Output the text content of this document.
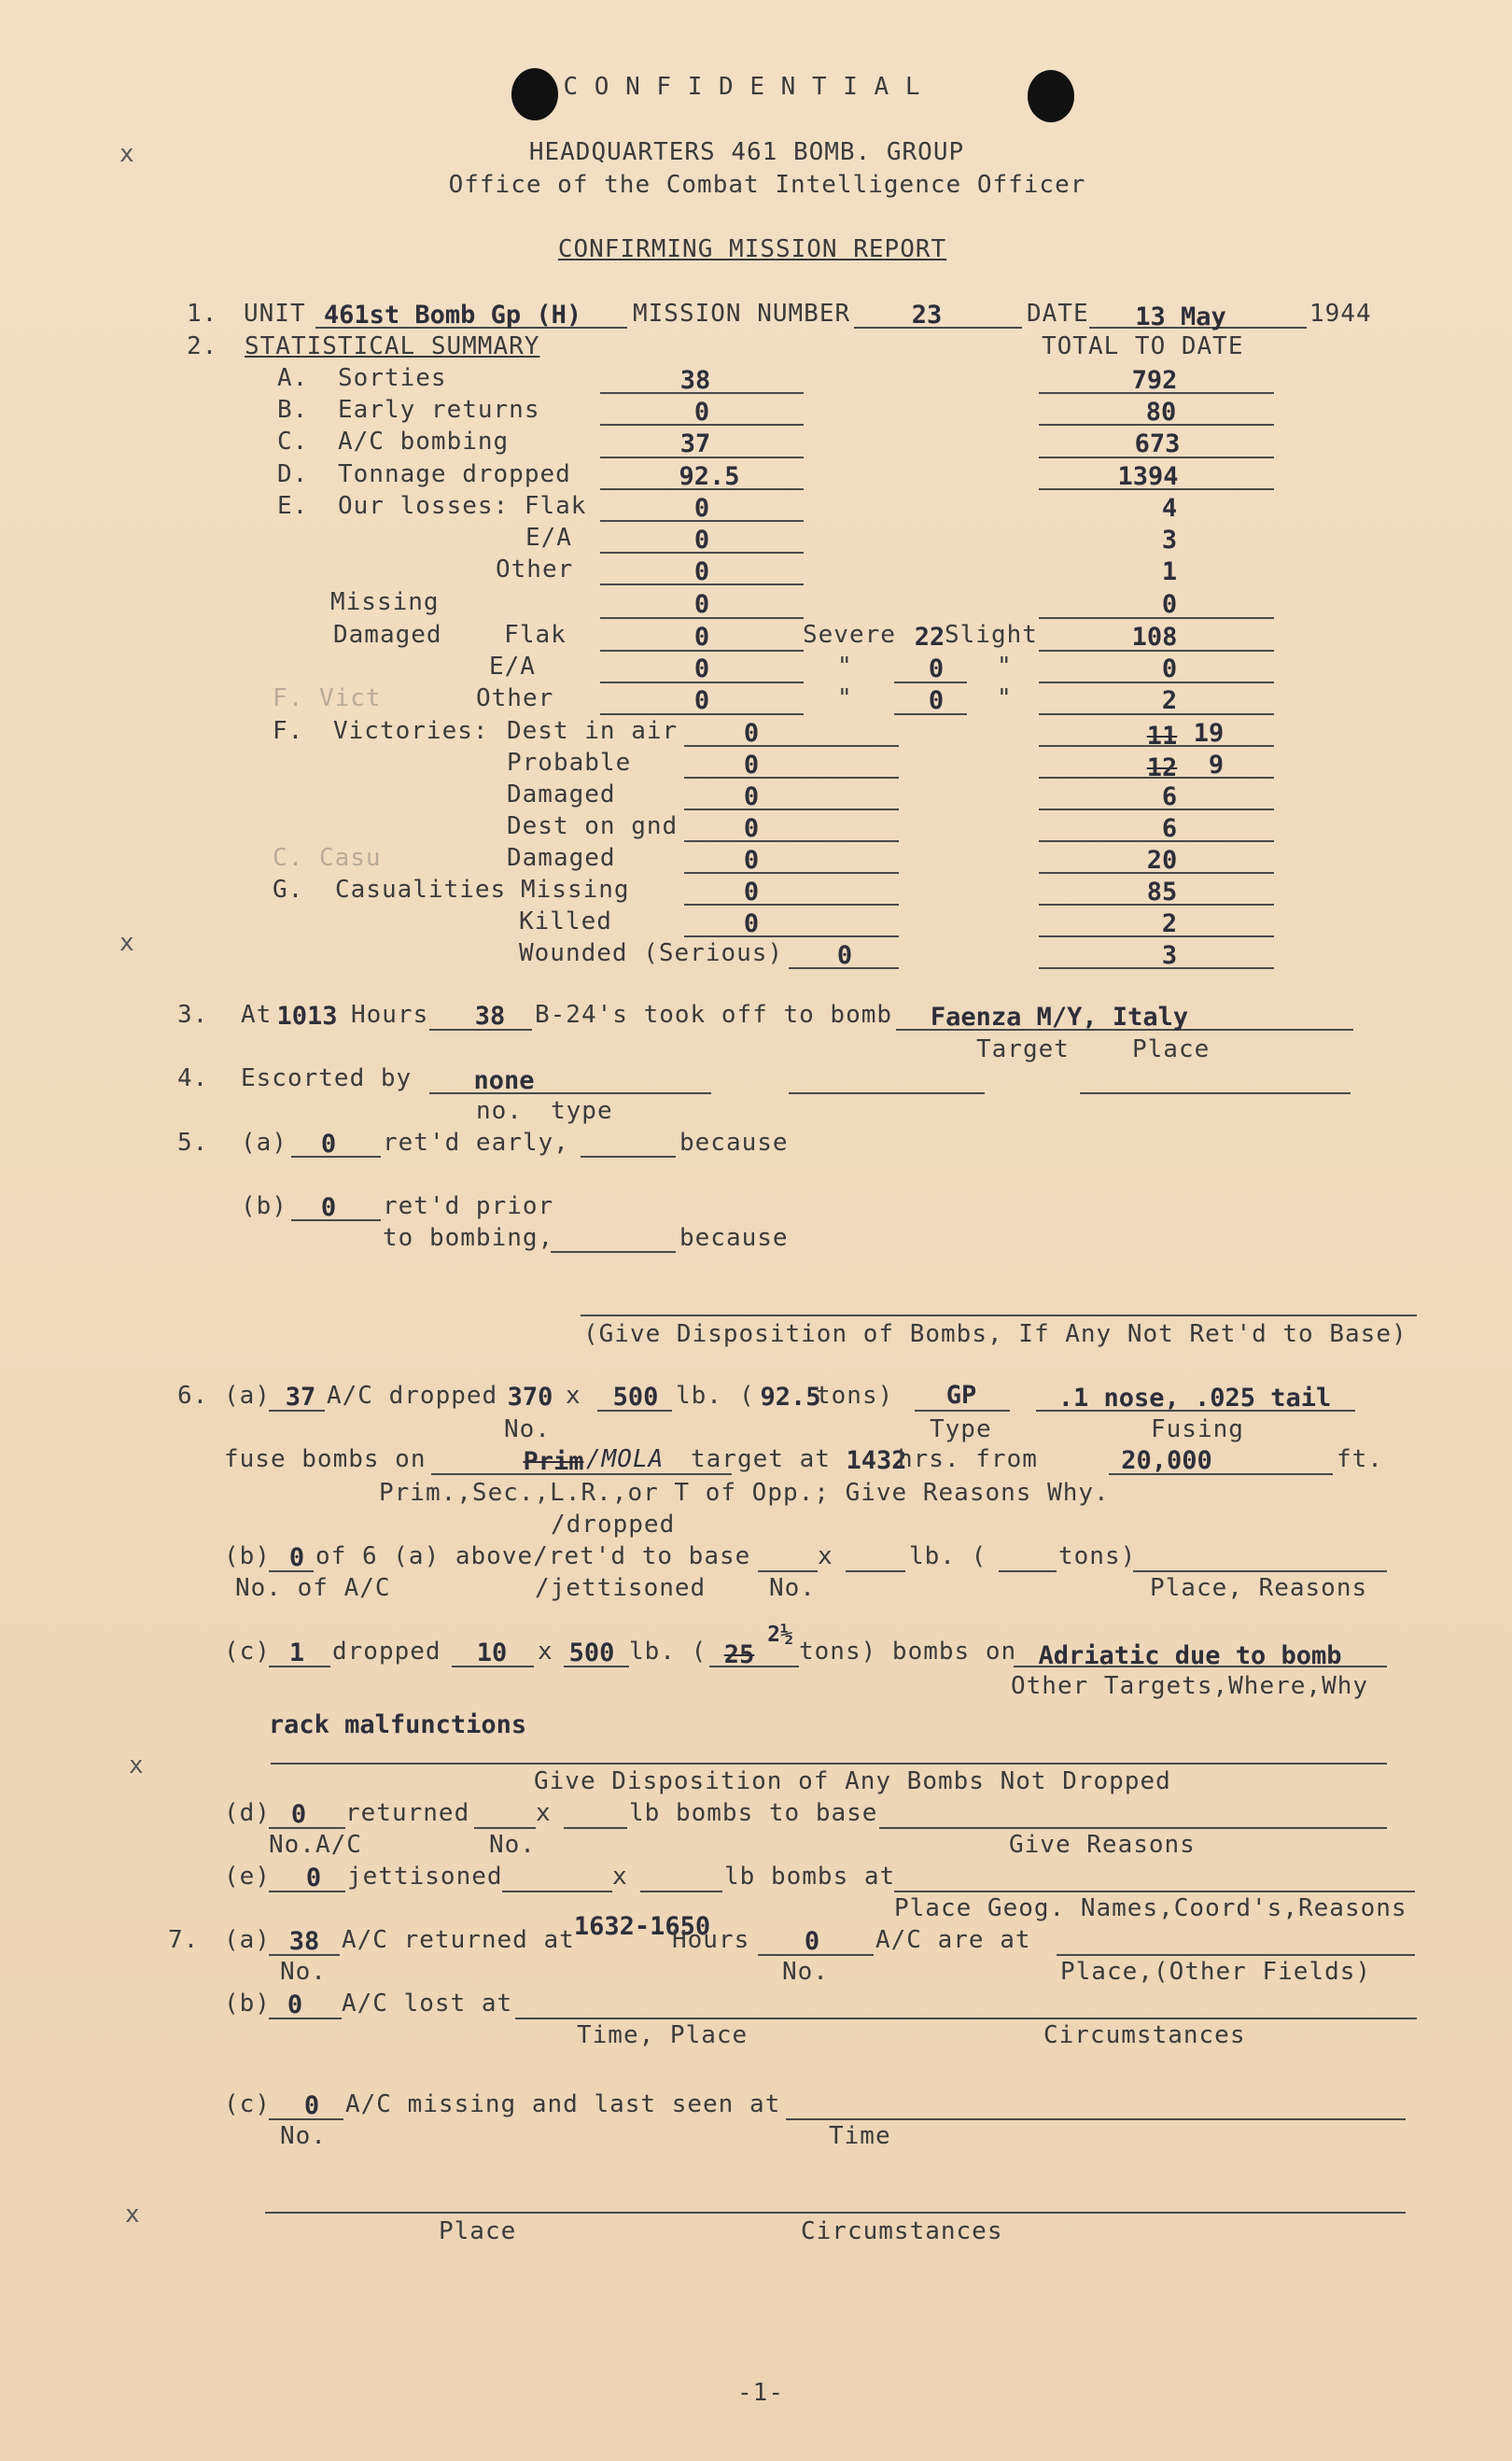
x
x
x
x
C O N F I D E N T I A L
HEADQUARTERS 461 BOMB. GROUP
Office of the Combat Intelligence Officer
CONFIRMING MISSION REPORT
1. UNIT 461st Bomb Gp (H) MISSION NUMBER 23	DATE 13 May	1944
2. STATISTICAL SUMMARY	TOTAL TO DATE
A. Sorties	38	792
B. Early returns	0	80
C. A/C bombing	37	673
D. Tonnage dropped	92.5	1394
E. Our losses: Flak	0	4
E/A	0	3
Other	0	1
Missing	0	0
Damaged    Flak	0	Severe 22 Slight	108
E/A	0	"	0 "	0
F. Vict	Other	0	"	0 "	2
F. Victories: Dest in air	0	11 19
Probable	0	12 9
Damaged	0	6
Dest on gnd	0	6
C. Casu	Damaged	0	20
G. Casualities Missing	0	85
Killed	0	2
Wounded (Serious) 0	3
3. At 1013 Hours 38 B-24's took off to bomb Faenza M/Y, Italy
Target	Place
4. Escorted by none
no. type
5. (a) 0 ret'd early,	because
(b) 0 ret'd prior
to bombing,	because
(Give Disposition of Bombs, If Any Not Ret'd to Base)
6. (a) 37 A/C dropped 370 x 500 lb. ( 92.5
tons) GP	.1 nose, .025 tail
No.	Type	Fusing
fuse bombs on	Prim /MOLA target at 1432
hrs. from	20,000	ft.
Prim.,Sec.,L.R.,or T of Opp.; Give Reasons Why.
/dropped
(b) 0 of 6 (a) above/ret'd to base	x	lb. (	tons)
No. of A/C	/jettisoned	No.	Place, Reasons
(c) 1 dropped 10 x 500 lb. ( 25
2½
tons) bombs on Adriatic due to bomb
Other Targets,Where,Why
rack malfunctions
Give Disposition of Any Bombs Not Dropped
(d) 0 returned	x	lb bombs to base
No.A/C	No.	Give Reasons
(e) 0 jettisoned	x	lb bombs at
Place Geog. Names,Coord's,Reasons
7. (a) 38 A/C returned at 1632-1650
Hours 0 A/C are at
No.	No.	Place,(Other Fields)
(b) 0 A/C lost at
Time, Place	Circumstances
(c) 0 A/C missing and last seen at
No.	Time
Place	Circumstances
-1-
